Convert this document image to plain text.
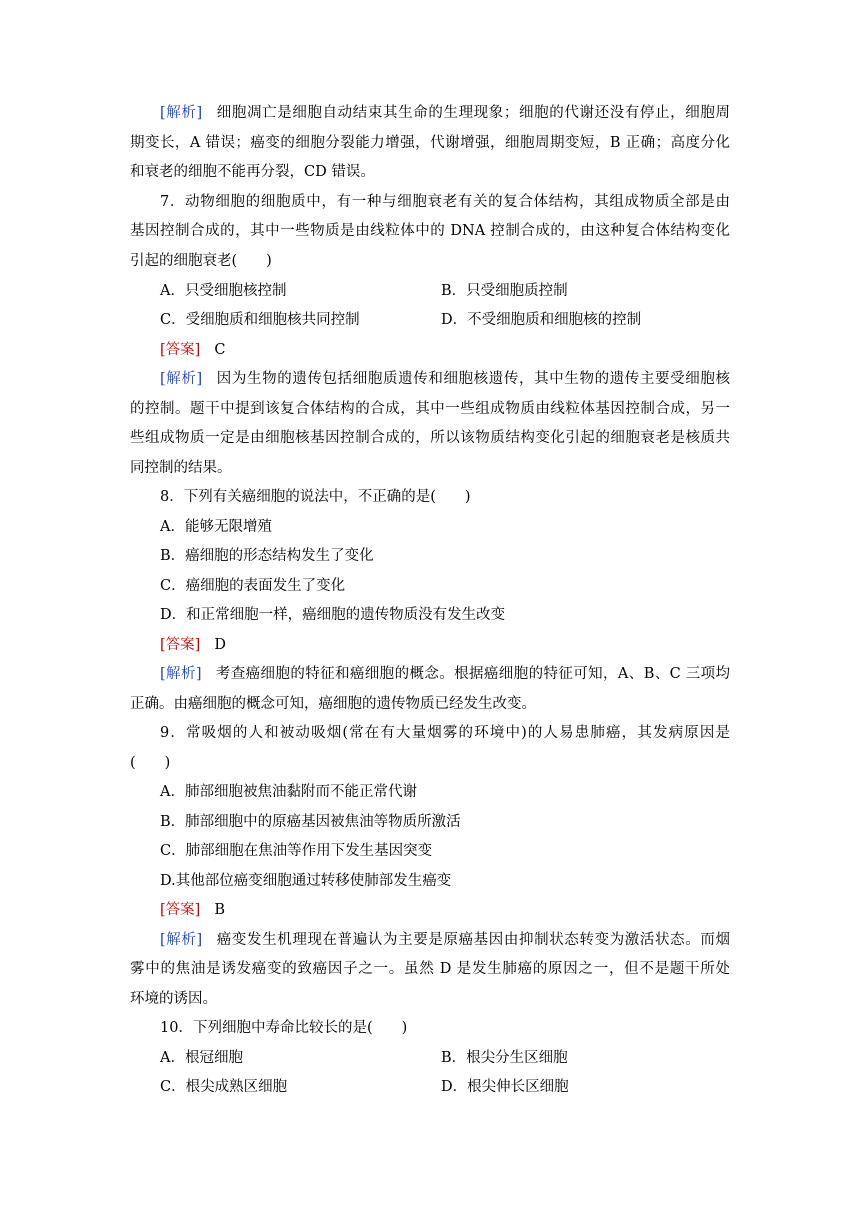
[解析] 细胞凋亡是细胞自动结束其生命的生理现象；细胞的代谢还没有停止，细胞周
期变长，A 错误；癌变的细胞分裂能力增强，代谢增强，细胞周期变短，B 正确；高度分化
和衰老的细胞不能再分裂，CD 错误。
7．动物细胞的细胞质中，有一种与细胞衰老有关的复合体结构，其组成物质全部是由
基因控制合成的，其中一些物质是由线粒体中的 DNA 控制合成的，由这种复合体结构变化
引起的细胞衰老(　　)
A．只受细胞核控制	B．只受细胞质控制
C．受细胞质和细胞核共同控制	D．不受细胞质和细胞核的控制
[答案] C
[解析] 因为生物的遗传包括细胞质遗传和细胞核遗传，其中生物的遗传主要受细胞核
的控制。题干中提到该复合体结构的合成，其中一些组成物质由线粒体基因控制合成，另一
些组成物质一定是由细胞核基因控制合成的，所以该物质结构变化引起的细胞衰老是核质共
同控制的结果。
8．下列有关癌细胞的说法中，不正确的是(　　)
A．能够无限增殖
B．癌细胞的形态结构发生了变化
C．癌细胞的表面发生了变化
D．和正常细胞一样，癌细胞的遗传物质没有发生改变
[答案] D
[解析] 考查癌细胞的特征和癌细胞的概念。根据癌细胞的特征可知，A、B、C 三项均
正确。由癌细胞的概念可知，癌细胞的遗传物质已经发生改变。
9．常吸烟的人和被动吸烟(常在有大量烟雾的环境中)的人易患肺癌，其发病原因是
(　　)
A．肺部细胞被焦油黏附而不能正常代谢
B．肺部细胞中的原癌基因被焦油等物质所激活
C．肺部细胞在焦油等作用下发生基因突变
D.其他部位癌变细胞通过转移使肺部发生癌变
[答案] B
[解析] 癌变发生机理现在普遍认为主要是原癌基因由抑制状态转变为激活状态。而烟
雾中的焦油是诱发癌变的致癌因子之一。虽然 D 是发生肺癌的原因之一，但不是题干所处
环境的诱因。
10．下列细胞中寿命比较长的是(　　)
A．根冠细胞	B．根尖分生区细胞
C．根尖成熟区细胞	D．根尖伸长区细胞
